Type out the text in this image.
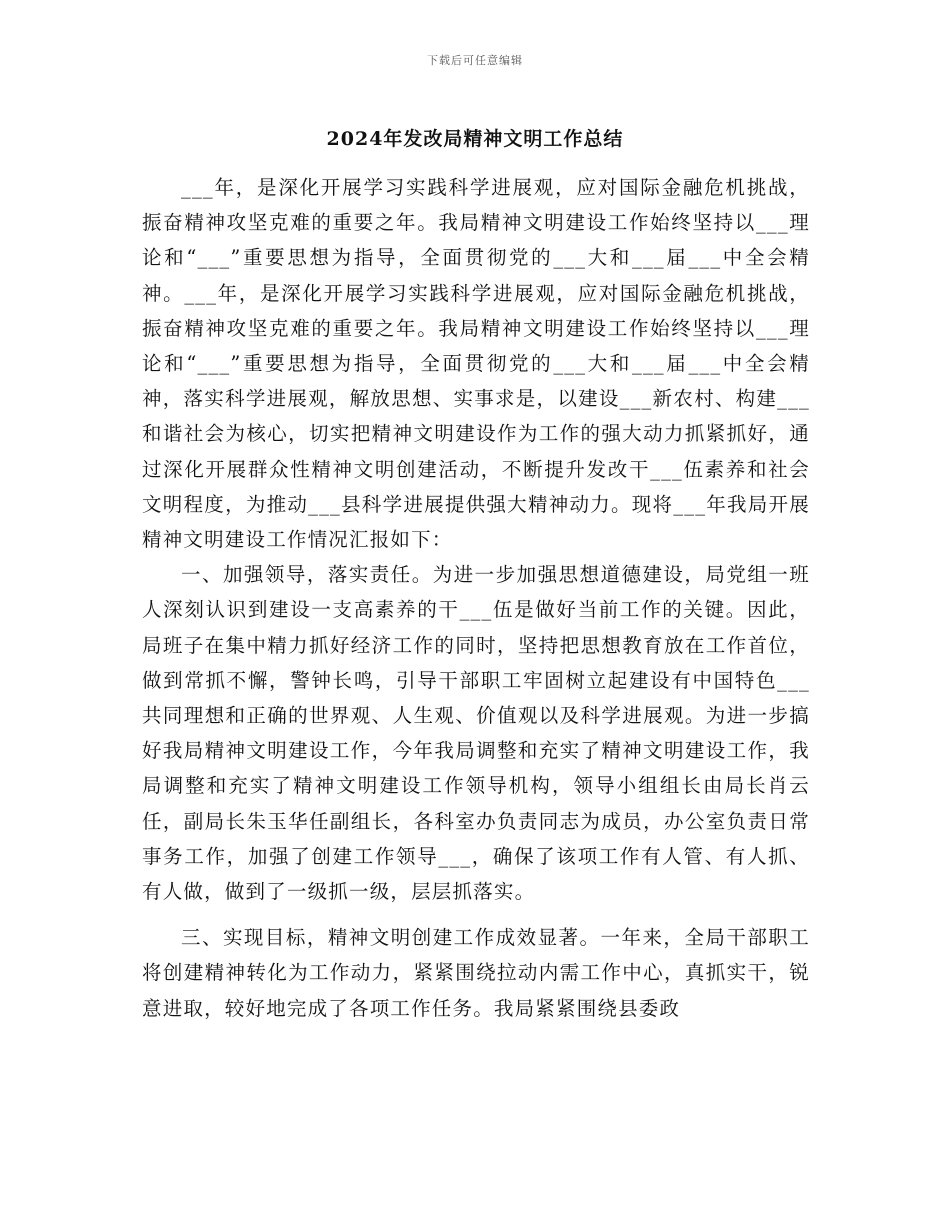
下载后可任意编辑
2024年发改局精神文明工作总结

___年，是深化开展学习实践科学进展观，应对国际金融危机挑战，振奋精神攻坚克难的重要之年。我局精神文明建设工作始终坚持以___理论和“___”重要思想为指导，全面贯彻党的___大和___届___中全会精神。___年，是深化开展学习实践科学进展观，应对国际金融危机挑战，振奋精神攻坚克难的重要之年。我局精神文明建设工作始终坚持以___理论和“___”重要思想为指导，全面贯彻党的___大和___届___中全会精神，落实科学进展观，解放思想、实事求是，以建设___新农村、构建___和谐社会为核心，切实把精神文明建设作为工作的强大动力抓紧抓好，通过深化开展群众性精神文明创建活动，不断提升发改干___伍素养和社会文明程度，为推动___县科学进展提供强大精神动力。现将___年我局开展精神文明建设工作情况汇报如下：

一、加强领导，落实责任。为进一步加强思想道德建设，局党组一班人深刻认识到建设一支高素养的干___伍是做好当前工作的关键。因此，局班子在集中精力抓好经济工作的同时，坚持把思想教育放在工作首位，做到常抓不懈，警钟长鸣，引导干部职工牢固树立起建设有中国特色___共同理想和正确的世界观、人生观、价值观以及科学进展观。为进一步搞好我局精神文明建设工作，今年我局调整和充实了精神文明建设工作，我局调整和充实了精神文明建设工作领导机构，领导小组组长由局长肖云任，副局长朱玉华任副组长，各科室办负责同志为成员，办公室负责日常事务工作，加强了创建工作领导___，确保了该项工作有人管、有人抓、有人做，做到了一级抓一级，层层抓落实。

三、实现目标，精神文明创建工作成效显著。一年来，全局干部职工将创建精神转化为工作动力，紧紧围绕拉动内需工作中心，真抓实干，锐意进取，较好地完成了各项工作任务。我局紧紧围绕县委政
